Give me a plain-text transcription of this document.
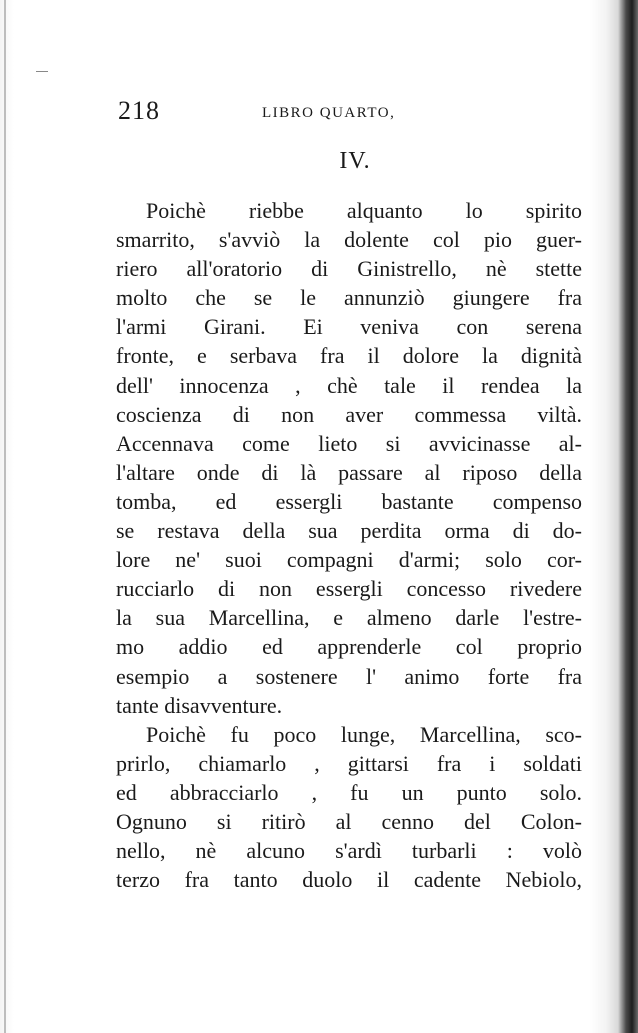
218	LIBRO QUARTO,
IV.
Poichè riebbe alquanto lo spirito
smarrito, s'avviò la dolente col pio guer-
riero all'oratorio di Ginistrello, nè stette
molto che se le annunziò giungere fra
l'armi Girani. Ei veniva con serena
fronte, e serbava fra il dolore la dignità
dell' innocenza , chè tale il rendea la
coscienza di non aver commessa viltà.
Accennava come lieto si avvicinasse al-
l'altare onde di là passare al riposo della
tomba, ed essergli bastante compenso
se restava della sua perdita orma di do-
lore ne' suoi compagni d'armi; solo cor-
rucciarlo di non essergli concesso rivedere
la sua Marcellina, e almeno darle l'estre-
mo addio ed apprenderle col proprio
esempio a sostenere l' animo forte fra
tante disavventure.
Poichè fu poco lunge, Marcellina, sco-
prirlo, chiamarlo , gittarsi fra i soldati
ed abbracciarlo , fu un punto solo.
Ognuno si ritirò al cenno del Colon-
nello, nè alcuno s'ardì turbarli : volò
terzo fra tanto duolo il cadente Nebiolo,
